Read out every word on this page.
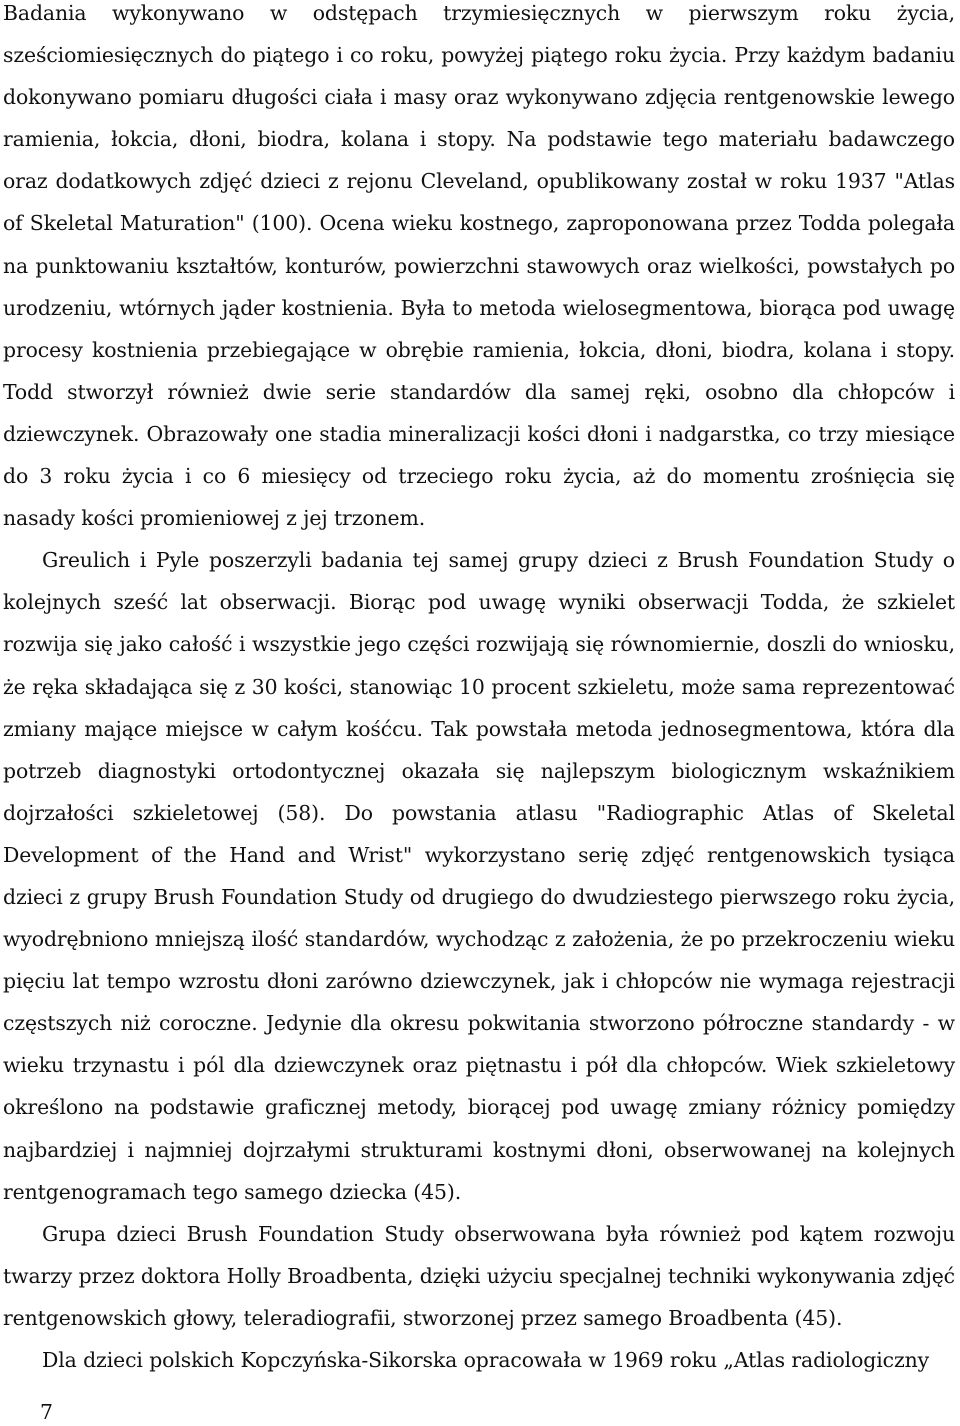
Badania wykonywano w odstępach trzymiesięcznych w pierwszym roku życia, sześciomiesięcznych do piątego i co roku, powyżej piątego roku życia. Przy każdym badaniu dokonywano pomiaru długości ciała i masy oraz wykonywano zdjęcia rentgenowskie lewego ramienia, łokcia, dłoni, biodra, kolana i stopy. Na podstawie tego materiału badawczego oraz dodatkowych zdjęć dzieci z rejonu Cleveland, opublikowany został w roku 1937 "Atlas of Skeletal Maturation" (100). Ocena wieku kostnego, zaproponowana przez Todda polegała na punktowaniu kształtów, konturów, powierzchni stawowych oraz wielkości, powstałych po urodzeniu, wtórnych jąder kostnienia. Była to metoda wielosegmentowa, biorąca pod uwagę procesy kostnienia przebiegające w obrębie ramienia, łokcia, dłoni, biodra, kolana i stopy. Todd stworzył również dwie serie standardów dla samej ręki, osobno dla chłopców i dziewczynek. Obrazowały one stadia mineralizacji kości dłoni i nadgarstka, co trzy miesiące do 3 roku życia i co 6 miesięcy od trzeciego roku życia, aż do momentu zrośnięcia się nasady kości promieniowej z jej trzonem.

Greulich i Pyle poszerzyli badania tej samej grupy dzieci z Brush Foundation Study o kolejnych sześć lat obserwacji. Biorąc pod uwagę wyniki obserwacji Todda, że szkielet rozwija się jako całość i wszystkie jego części rozwijają się równomiernie, doszli do wniosku, że ręka składająca się z 30 kości, stanowiąc 10 procent szkieletu, może sama reprezentować zmiany mające miejsce w całym kośćcu. Tak powstała metoda jednosegmentowa, która dla potrzeb diagnostyki ortodontycznej okazała się najlepszym biologicznym wskaźnikiem dojrzałości szkieletowej (58). Do powstania atlasu "Radiographic Atlas of Skeletal Development of the Hand and Wrist" wykorzystano serię zdjęć rentgenowskich tysiąca dzieci z grupy Brush Foundation Study od drugiego do dwudziestego pierwszego roku życia, wyodrębniono mniejszą ilość standardów, wychodząc z założenia, że po przekroczeniu wieku pięciu lat tempo wzrostu dłoni zarówno dziewczynek, jak i chłopców nie wymaga rejestracji częstszych niż coroczne. Jedynie dla okresu pokwitania stworzono półroczne standardy - w wieku trzynastu i pól dla dziewczynek oraz piętnastu i pół dla chłopców. Wiek szkieletowy określono na podstawie graficznej metody, biorącej pod uwagę zmiany różnicy pomiędzy najbardziej i najmniej dojrzałymi strukturami kostnymi dłoni, obserwowanej na kolejnych rentgenogramach tego samego dziecka (45).

Grupa dzieci Brush Foundation Study obserwowana była również pod kątem rozwoju twarzy przez doktora Holly Broadbenta, dzięki użyciu specjalnej techniki wykonywania zdjęć rentgenowskich głowy, teleradiografii, stworzonej przez samego Broadbenta (45).

Dla dzieci polskich Kopczyńska-Sikorska opracowała w 1969 roku „Atlas radiologiczny

7
